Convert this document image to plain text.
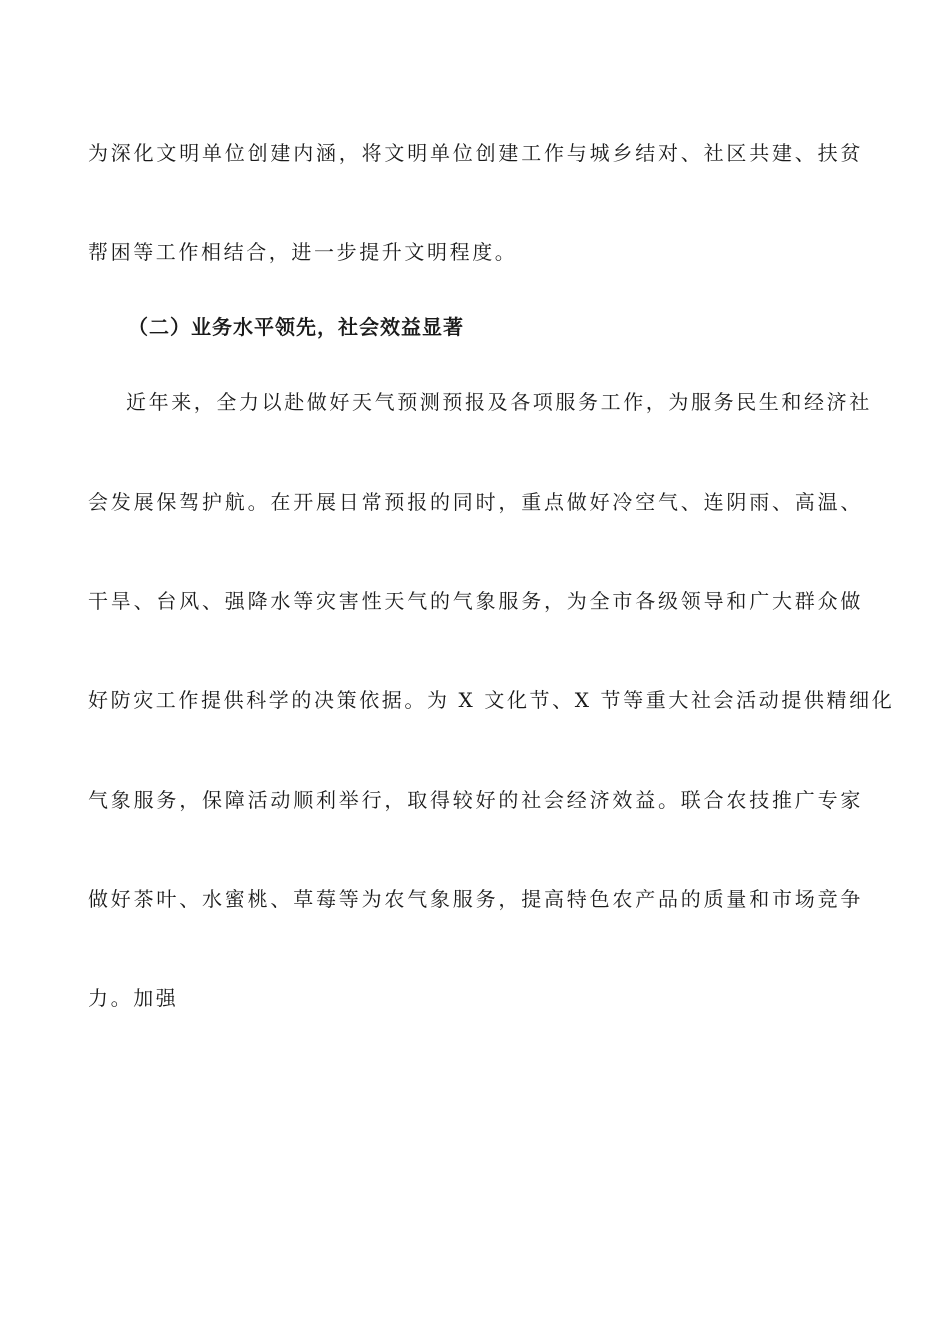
为深化文明单位创建内涵，将文明单位创建工作与城乡结对、社区共建、扶贫
帮困等工作相结合，进一步提升文明程度。
（二）业务水平领先，社会效益显著
近年来，全力以赴做好天气预测预报及各项服务工作，为服务民生和经济社
会发展保驾护航。在开展日常预报的同时，重点做好冷空气、连阴雨、高温、
干旱、台风、强降水等灾害性天气的气象服务，为全市各级领导和广大群众做
好防灾工作提供科学的决策依据。为 X 文化节、X 节等重大社会活动提供精细化
气象服务，保障活动顺利举行，取得较好的社会经济效益。联合农技推广专家
做好茶叶、水蜜桃、草莓等为农气象服务，提高特色农产品的质量和市场竞争
力。加强
